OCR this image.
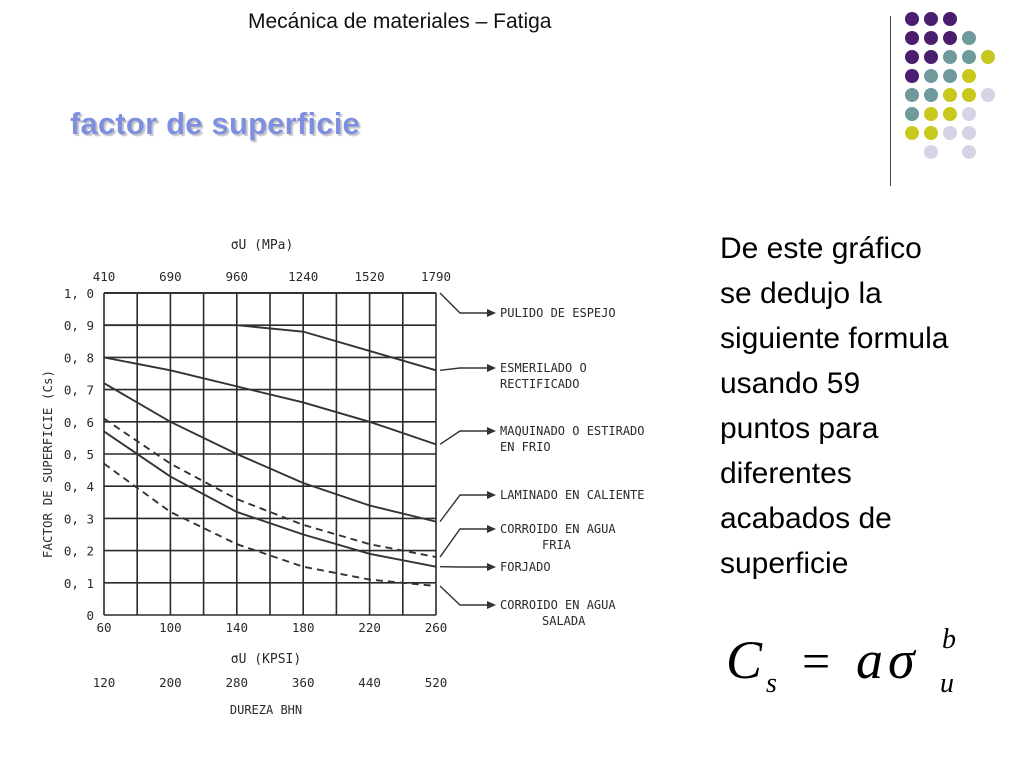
Mecánica de materiales – Fatiga
factor de superficie
0
0, 1
0, 2
0, 3
0, 4
0, 5
0, 6
0, 7
0, 8
0, 9
1, 0
60	100	140	180	220	260
410	690	960	1240	1520	1790
σU (MPa)
120	200	280	360	440	520
σU (KPSI)
DUREZA BHN
FACTOR DE SUPERFICIE (Cs)
PULIDO DE ESPEJO
ESMERILADO O
RECTIFICADO
MAQUINADO O ESTIRADO
EN FRIO
LAMINADO EN CALIENTE
CORROIDO EN AGUA
FRIA
FORJADO
CORROIDO EN AGUA
SALADA
De este gráfico
se dedujo la
siguiente formula
usando 59
puntos para
diferentes
acabados de
superficie
C s = a σ b
u
